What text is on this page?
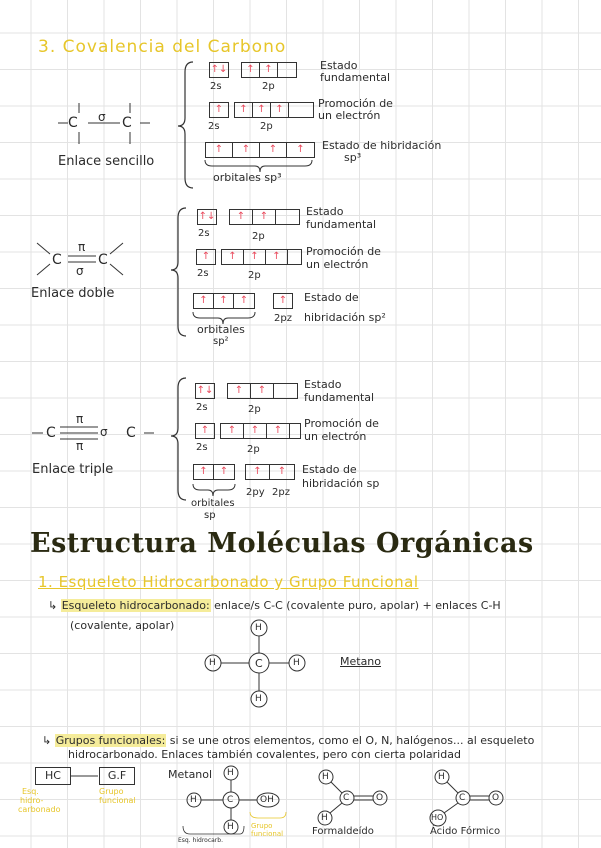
3. Covalencia del Carbono
C	C
σ
Enlace sencillo
↑↓	↑ ↑
2s	2p
Estado
fundamental
↑	↑ ↑ ↑
2s	2p
Promoción de
un electrón
↑	↑	↑	↑	Estado de hibridación
sp³
orbitales sp³
C	C
π
σ
Enlace doble
↑↓	↑	↑
2s	2p
Estado
fundamental
↑	↑	↑	↑
2s	2p
Promoción de
un electrón
↑	↑	↑	↑
2pz
Estado de
hibridación sp²
orbitales
sp²
C	σ C
π
π
Enlace triple
↑↓	↑	↑
2s	2p
Estado
fundamental
↑	↑	↑	↑
2s	2p
Promoción de
un electrón
↑	↑	↑	↑
2py 2pz
Estado de
hibridación sp
orbitales
sp
Estructura Moléculas Orgánicas
1. Esqueleto Hidrocarbonado y Grupo Funcional
↳ Esqueleto hidrocarbonado: enlace/s C-C (covalente puro, apolar) + enlaces C-H
(covalente, apolar)	H
C
H	H
H
Metano
↳ Grupos funcionales: si se une otros elementos, como el O, N, halógenos... al esqueleto
hidrocarbonado. Enlaces también covalentes, pero con cierta polaridad
HC	G.F
Esq.
hidro-
carbonado
Grupo
funcional
Metanol H
C
H	OH
H
Esq. hidrocarb.
Grupo
funcional
H
C	O
H
Formaldeído
H
C	O
HO
Ácido Fórmico
